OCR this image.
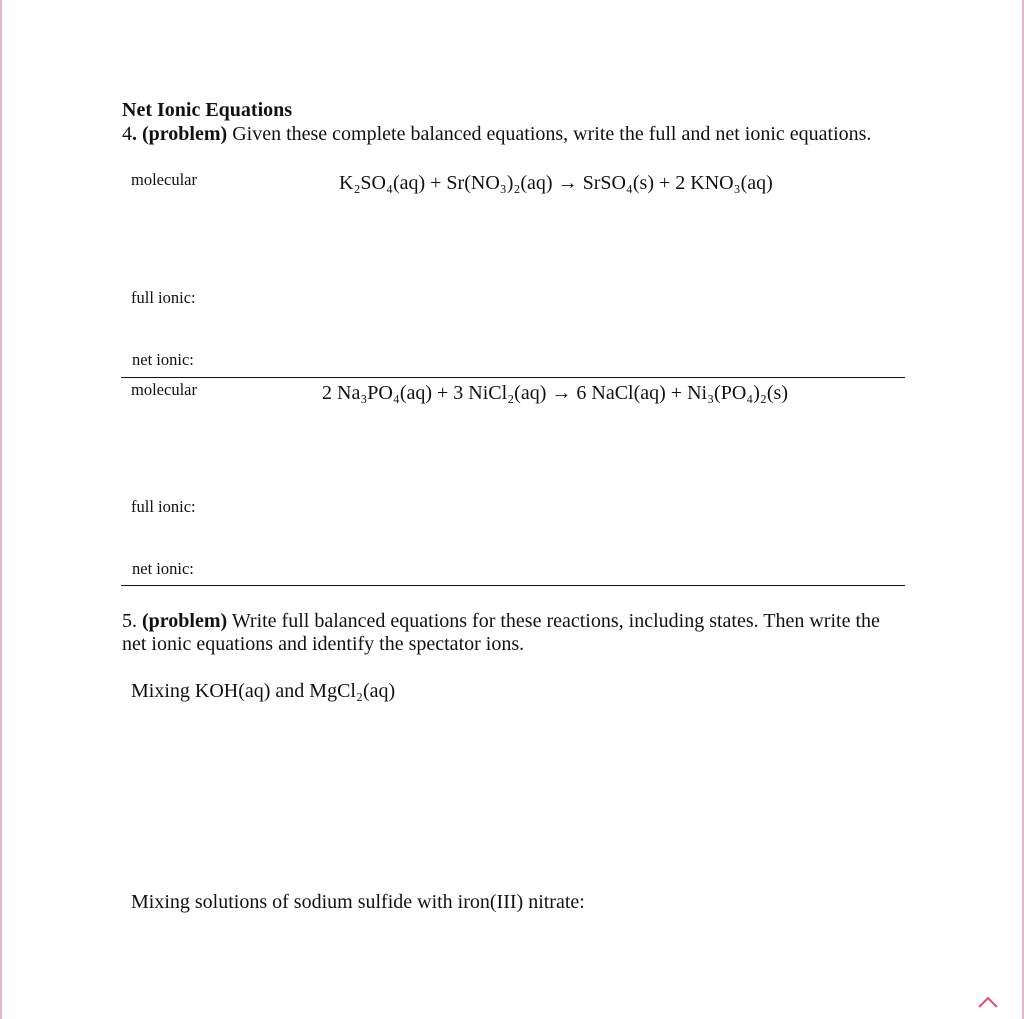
Net Ionic Equations
4. (problem) Given these complete balanced equations, write the full and net ionic equations.
molecular	K₂SO₄(aq) + Sr(NO₃)₂(aq) → SrSO₄(s) + 2 KNO₃(aq)
full ionic:
net ionic:
molecular	2 Na₃PO₄(aq) + 3 NiCl₂(aq) → 6 NaCl(aq) + Ni₃(PO₄)₂(s)
full ionic:
net ionic:
5. (problem) Write full balanced equations for these reactions, including states. Then write the
net ionic equations and identify the spectator ions.
Mixing KOH(aq) and MgCl₂(aq)
Mixing solutions of sodium sulfide with iron(III) nitrate:
